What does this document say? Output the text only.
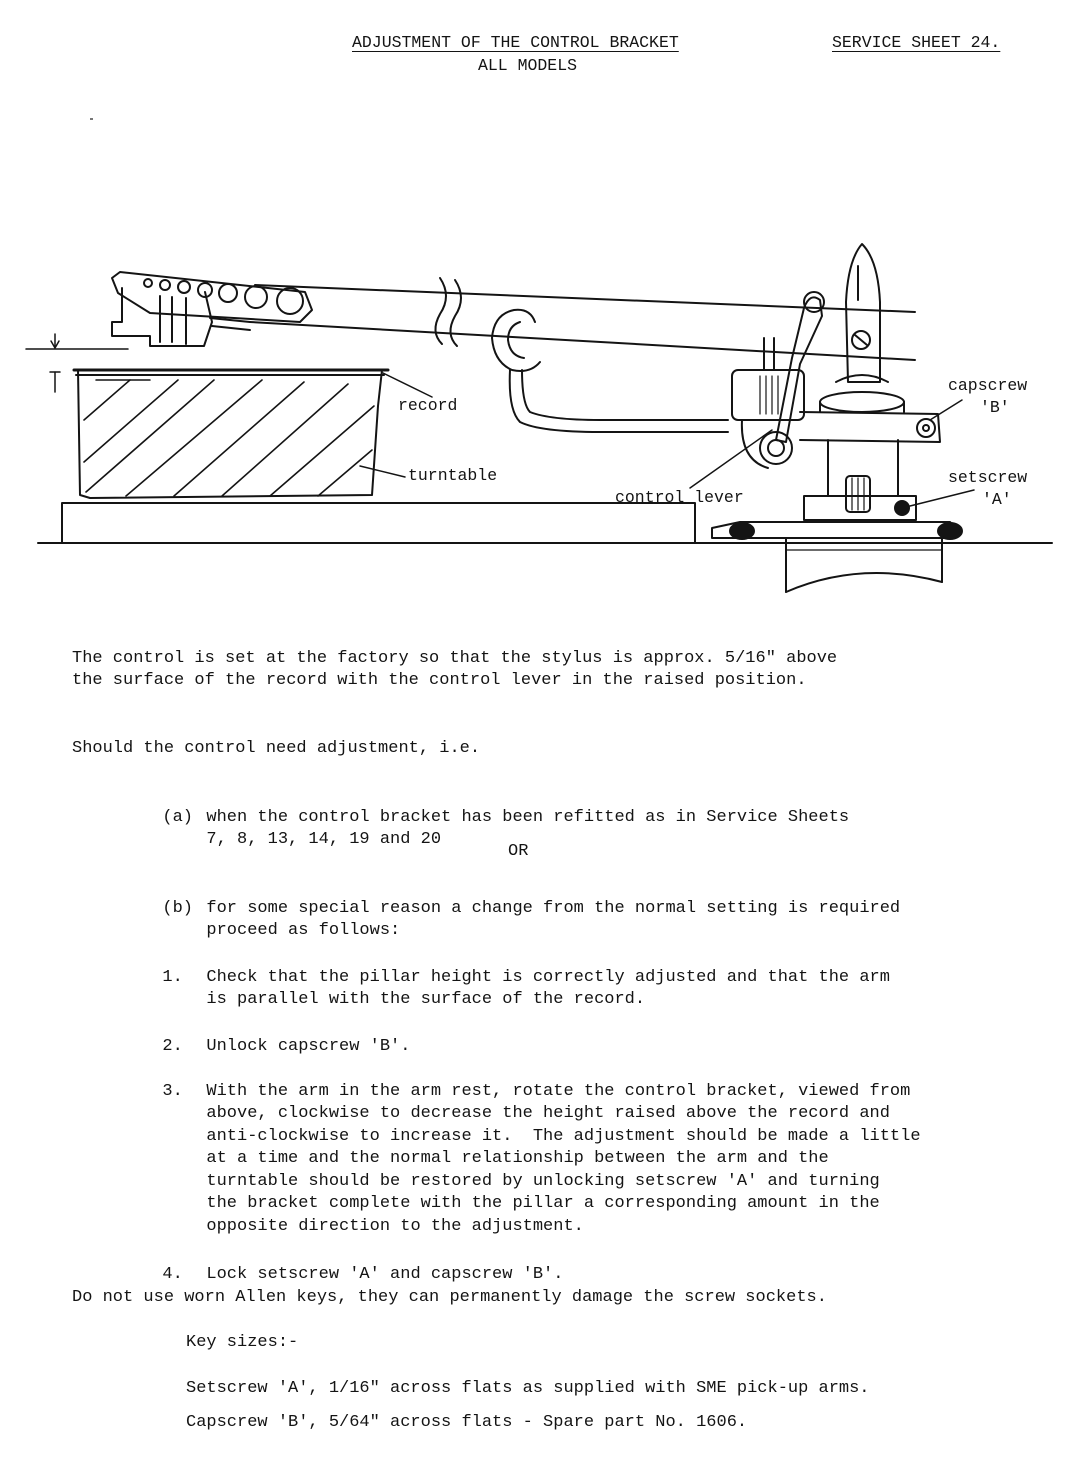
ADJUSTMENT OF THE CONTROL BRACKET
ALL MODELS
SERVICE SHEET 24.
record
turntable
control lever
capscrew
'B'
setscrew
'A'
The control is set at the factory so that the stylus is approx. 5/16" above
the surface of the record with the control lever in the raised position.
Should the control need adjustment, i.e.

(a) when the control bracket has been refitted as in Service Sheets
7, 8, 13, 14, 19 and 20

OR

(b) for some special reason a change from the normal setting is required
proceed as follows:

1. Check that the pillar height is correctly adjusted and that the arm
is parallel with the surface of the record.

2. Unlock capscrew 'B'.

3. With the arm in the arm rest, rotate the control bracket, viewed from
above, clockwise to decrease the height raised above the record and
anti-clockwise to increase it.  The adjustment should be made a little
at a time and the normal relationship between the arm and the
turntable should be restored by unlocking setscrew 'A' and turning
the bracket complete with the pillar a corresponding amount in the
opposite direction to the adjustment.

4. Lock setscrew 'A' and capscrew 'B'.

Do not use worn Allen keys, they can permanently damage the screw sockets.
Key sizes:-
Setscrew 'A', 1/16" across flats as supplied with SME pick-up arms.
Capscrew 'B', 5/64" across flats - Spare part No. 1606.
